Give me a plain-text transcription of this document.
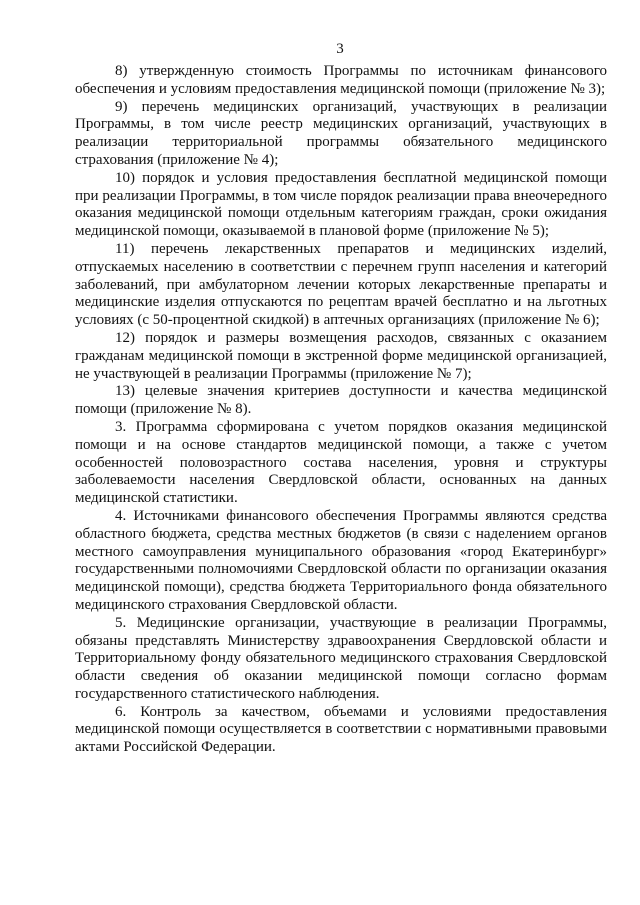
3

8) утвержденную стоимость Программы по источникам финансового обеспечения и условиям предоставления медицинской помощи (приложение № 3);

9) перечень медицинских организаций, участвующих в реализации Программы, в том числе реестр медицинских организаций, участвующих в реализации территориальной программы обязательного медицинского страхования (приложение № 4);

10) порядок и условия предоставления бесплатной медицинской помощи при реализации Программы, в том числе порядок реализации права внеочередного оказания медицинской помощи отдельным категориям граждан, сроки ожидания медицинской помощи, оказываемой в плановой форме (приложение № 5);

11) перечень лекарственных препаратов и медицинских изделий, отпускаемых населению в соответствии с перечнем групп населения и категорий заболеваний, при амбулаторном лечении которых лекарственные препараты и медицинские изделия отпускаются по рецептам врачей бесплатно и на льготных условиях (с 50-процентной скидкой) в аптечных организациях (приложение № 6);

12) порядок и размеры возмещения расходов, связанных с оказанием гражданам медицинской помощи в экстренной форме медицинской организацией, не участвующей в реализации Программы (приложение № 7);

13) целевые значения критериев доступности и качества медицинской помощи (приложение № 8).

3. Программа сформирована с учетом порядков оказания медицинской помощи и на основе стандартов медицинской помощи, а также с учетом особенностей половозрастного состава населения, уровня и структуры заболеваемости населения Свердловской области, основанных на данных медицинской статистики.

4. Источниками финансового обеспечения Программы являются средства областного бюджета, средства местных бюджетов (в связи с наделением органов местного самоуправления муниципального образования «город Екатеринбург» государственными полномочиями Свердловской области по организации оказания медицинской помощи), средства бюджета Территориального фонда обязательного медицинского страхования Свердловской области.

5. Медицинские организации, участвующие в реализации Программы, обязаны представлять Министерству здравоохранения Свердловской области и Территориальному фонду обязательного медицинского страхования Свердловской области сведения об оказании медицинской помощи согласно формам государственного статистического наблюдения.

6. Контроль за качеством, объемами и условиями предоставления медицинской помощи осуществляется в соответствии с нормативными правовыми актами Российской Федерации.
